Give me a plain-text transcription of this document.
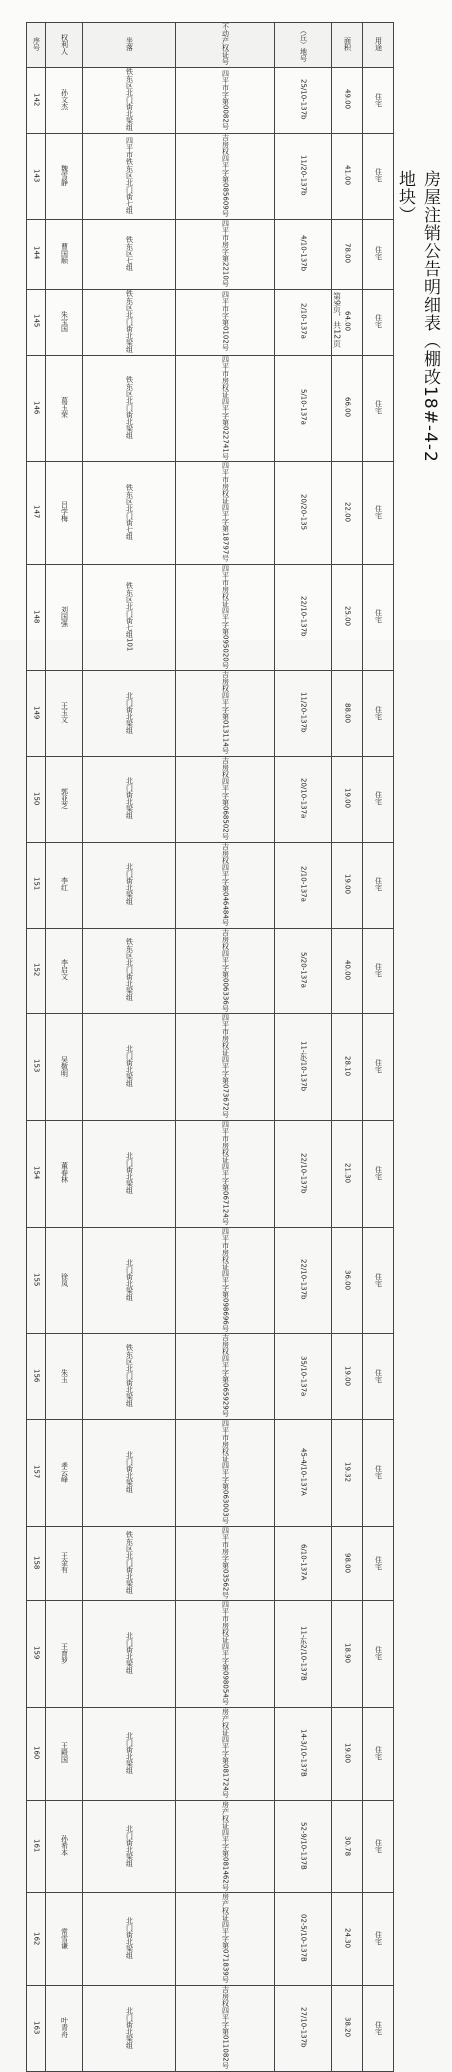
房屋注销公告明细表（棚改18#-4-2地块）
第9页，共12页
序号	权利人	坐落	不动产权证号	（丘）地号	面积	用途
142	孙文杰	铁东区北门街北梁组	四平市字第0082号	25/10-137b	49.00	住宅
143	魏雪静	四平市铁东区北门街七组	吉房权四平字第085609号	11/20-137b	41.00	住宅
144	曹国顺	铁东区七组	四平市房字第2210号	4/10-137b	78.00	住宅
145	朱宝国	铁东区北门街北梁组	四平市字第0102号	2/10-137a	64.00	住宅
146	葛玉荣	铁东区北门街北梁组	四平市房权证四平字第022741号	5/10-137a	66.00	住宅
147	吕学梅	铁东区北门街七组	四平市房权证四平字第18797号	20/20-135	22.00	住宅
148	刘国强	铁东区北门街七组101	四平市房权证四平字第095020号	22/10-137b	25.00	住宅
149	王玉文	北门街北梁组	吉房权四平字第013114号	11/20-137b	88.00	住宅
150	郭亚芝	北门街北梁组	吉房权四平字第068502号	20/10-137a	19.00	住宅
151	李红	北门街北梁组	吉房权四平字第046484号	2/10-137a	19.00	住宅
152	李启文	铁东区北门街北梁组	吉房权四平字第006336号	5/20-137a	40.00	住宅
153	吴敬明	北门街北梁组	四平市房权证四平字第073672号	11-东/10-137b	28.10	住宅
154	董春林	北门街北梁组	四平市房权证四平字第067124号	22/10-137b	21.30	住宅
155	徐凤	北门街北梁组	四平市房权证四平字第098696号	22/10-137b	36.00	住宅
156	朱玉	铁东区北门街北梁组	吉房权四平字第065929号	35/10-137a	19.00	住宅
157	孝云峰	北门街北梁组	四平市房权证四平字第063003号	45-4/10-137A	19.32	住宅
158	王金有	铁东区北门街北梁组	四平市房字第03562号	6/10-137A	98.00	住宅
159	王育罗	北门街北梁组	四平市房权证四平字第098054号	11-东2/10-137B	18.90	住宅
160	王殿国	北门街北梁组	房产权证四平字第081724号	14-3/10-137B	19.00	住宅
161	孙希本	北门街北梁组	房产权证四平字第081462号	52-9/10-137B	30.78	住宅
162	常雪谦	北门街北梁组	房产权证四平字第071839号	02-5/10-137B	24.30	住宅
163	叶青舟	北门街北梁组	吉房权四平字第011082号	27/10-137b	38.20	住宅
